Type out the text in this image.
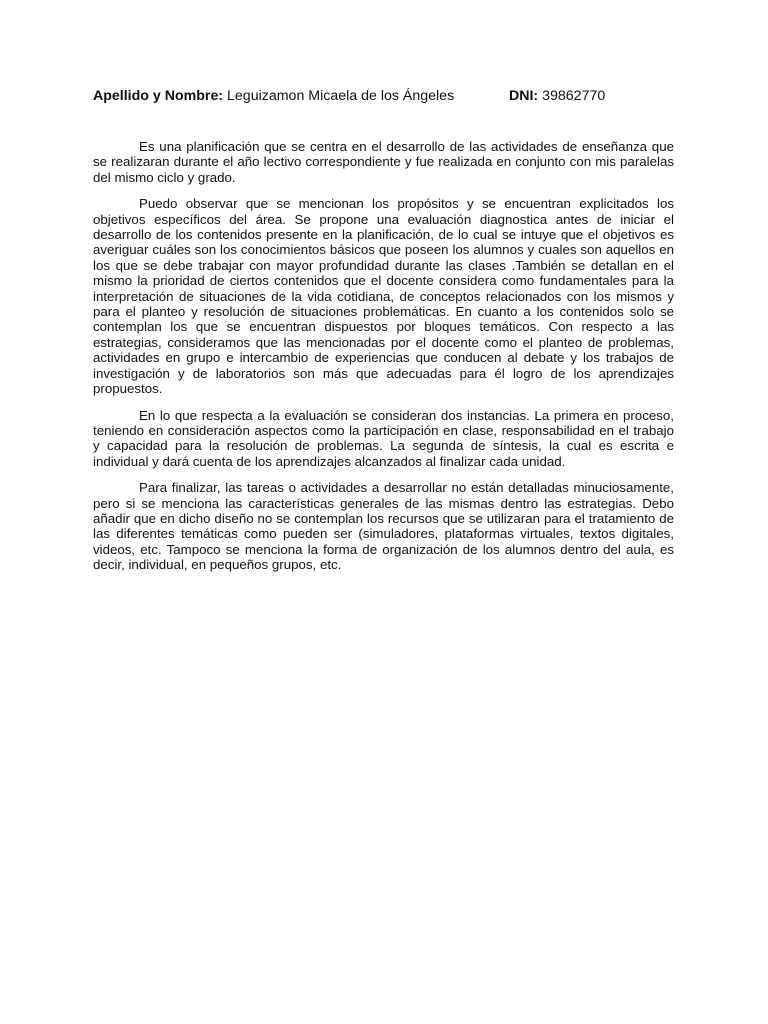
Apellido y Nombre: Leguizamon Micaela de los Ángeles	DNI: 39862770

Es una planificación que se centra en el desarrollo de las actividades de enseñanza que se realizaran durante el año lectivo correspondiente y fue realizada en conjunto con mis paralelas del mismo ciclo y grado.

Puedo observar que se mencionan los propósitos y se encuentran explicitados los objetivos específicos del área. Se propone una evaluación diagnostica antes de iniciar el desarrollo de los contenidos presente en la planificación, de lo cual se intuye que el objetivos es averiguar cuáles son los conocimientos básicos que poseen los alumnos y cuales son aquellos en los que se debe trabajar con mayor profundidad durante las clases .También se detallan en el mismo la prioridad de ciertos contenidos que el docente considera como fundamentales para la interpretación de situaciones de la vida cotidiana, de conceptos relacionados con los mismos y para el planteo y resolución de situaciones problemáticas. En cuanto a los contenidos solo se contemplan los que se encuentran dispuestos por bloques temáticos. Con respecto a las estrategias, consideramos que las mencionadas por el docente como el planteo de problemas, actividades en grupo e intercambio de experiencias que conducen al debate y los trabajos de investigación y de laboratorios son más que adecuadas para él logro de los aprendizajes propuestos.

En lo que respecta a la evaluación se consideran dos instancias. La primera en proceso, teniendo en consideración aspectos como la participación en clase, responsabilidad en el trabajo y capacidad para la resolución de problemas. La segunda de síntesis, la cual es escrita e individual y dará cuenta de los aprendizajes alcanzados al finalizar cada unidad.

Para finalizar, las tareas o actividades a desarrollar no están detalladas minuciosamente, pero si se menciona las características generales de las mismas dentro las estrategias. Debo añadir que en dicho diseño no se contemplan los recursos que se utilizaran para el tratamiento de las diferentes temáticas como pueden ser (simuladores, plataformas virtuales, textos digitales, videos, etc. Tampoco se menciona la forma de organización de los alumnos dentro del aula, es decir, individual, en pequeños grupos, etc.
